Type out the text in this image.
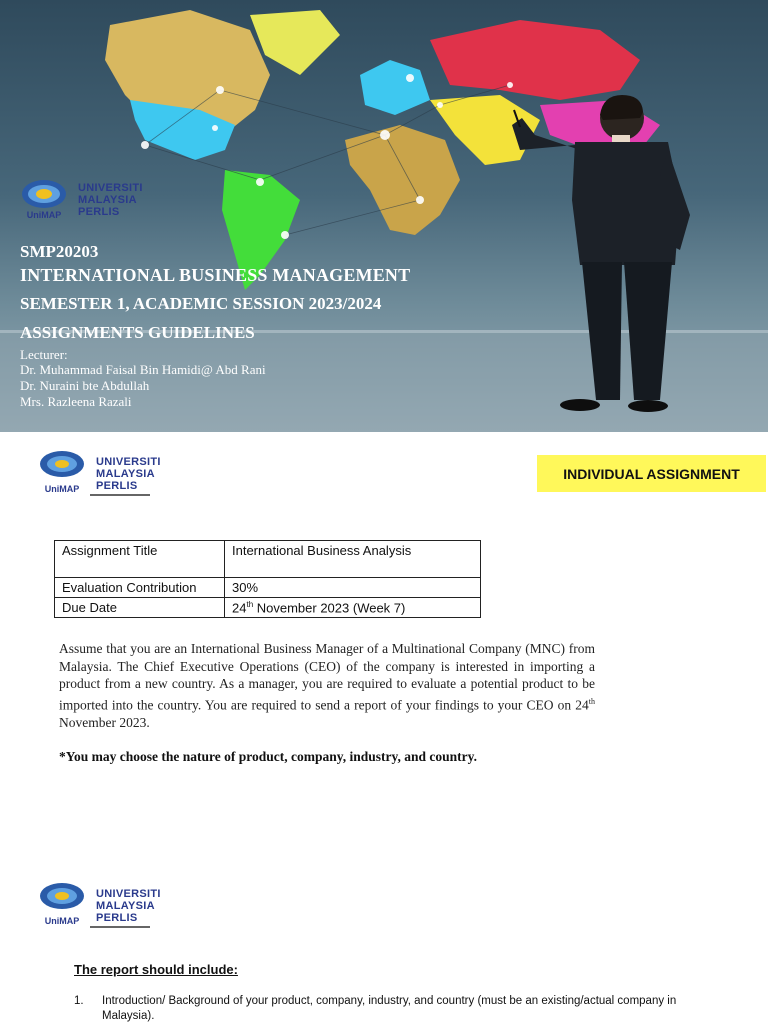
UniMAP
UNIVERSITI
MALAYSIA
PERLIS
SMP20203
INTERNATIONAL BUSINESS MANAGEMENT
SEMESTER 1, ACADEMIC SESSION 2023/2024
ASSIGNMENTS GUIDELINES
Lecturer:
Dr. Muhammad Faisal Bin Hamidi@ Abd Rani
Dr. Nuraini bte Abdullah
Mrs. Razleena Razali
UniMAP
UNIVERSITI
MALAYSIA
PERLIS
INDIVIDUAL ASSIGNMENT
Assignment Title	International Business Analysis
Evaluation Contribution	30%
Due Date	24th November 2023 (Week 7)
Assume that you are an International Business Manager of a Multinational Company (MNC) from Malaysia. The Chief Executive Operations (CEO) of the company is interested in importing a product from a new country. As a manager, you are required to evaluate a potential product to be imported into the country. You are required to send a report of your findings to your CEO on 24th November 2023.
*You may choose the nature of product, company, industry, and country.
UniMAP
UNIVERSITI
MALAYSIA
PERLIS
The report should include:
1.	Introduction/ Background of your product, company, industry, and country (must be an existing/actual company in Malaysia).
